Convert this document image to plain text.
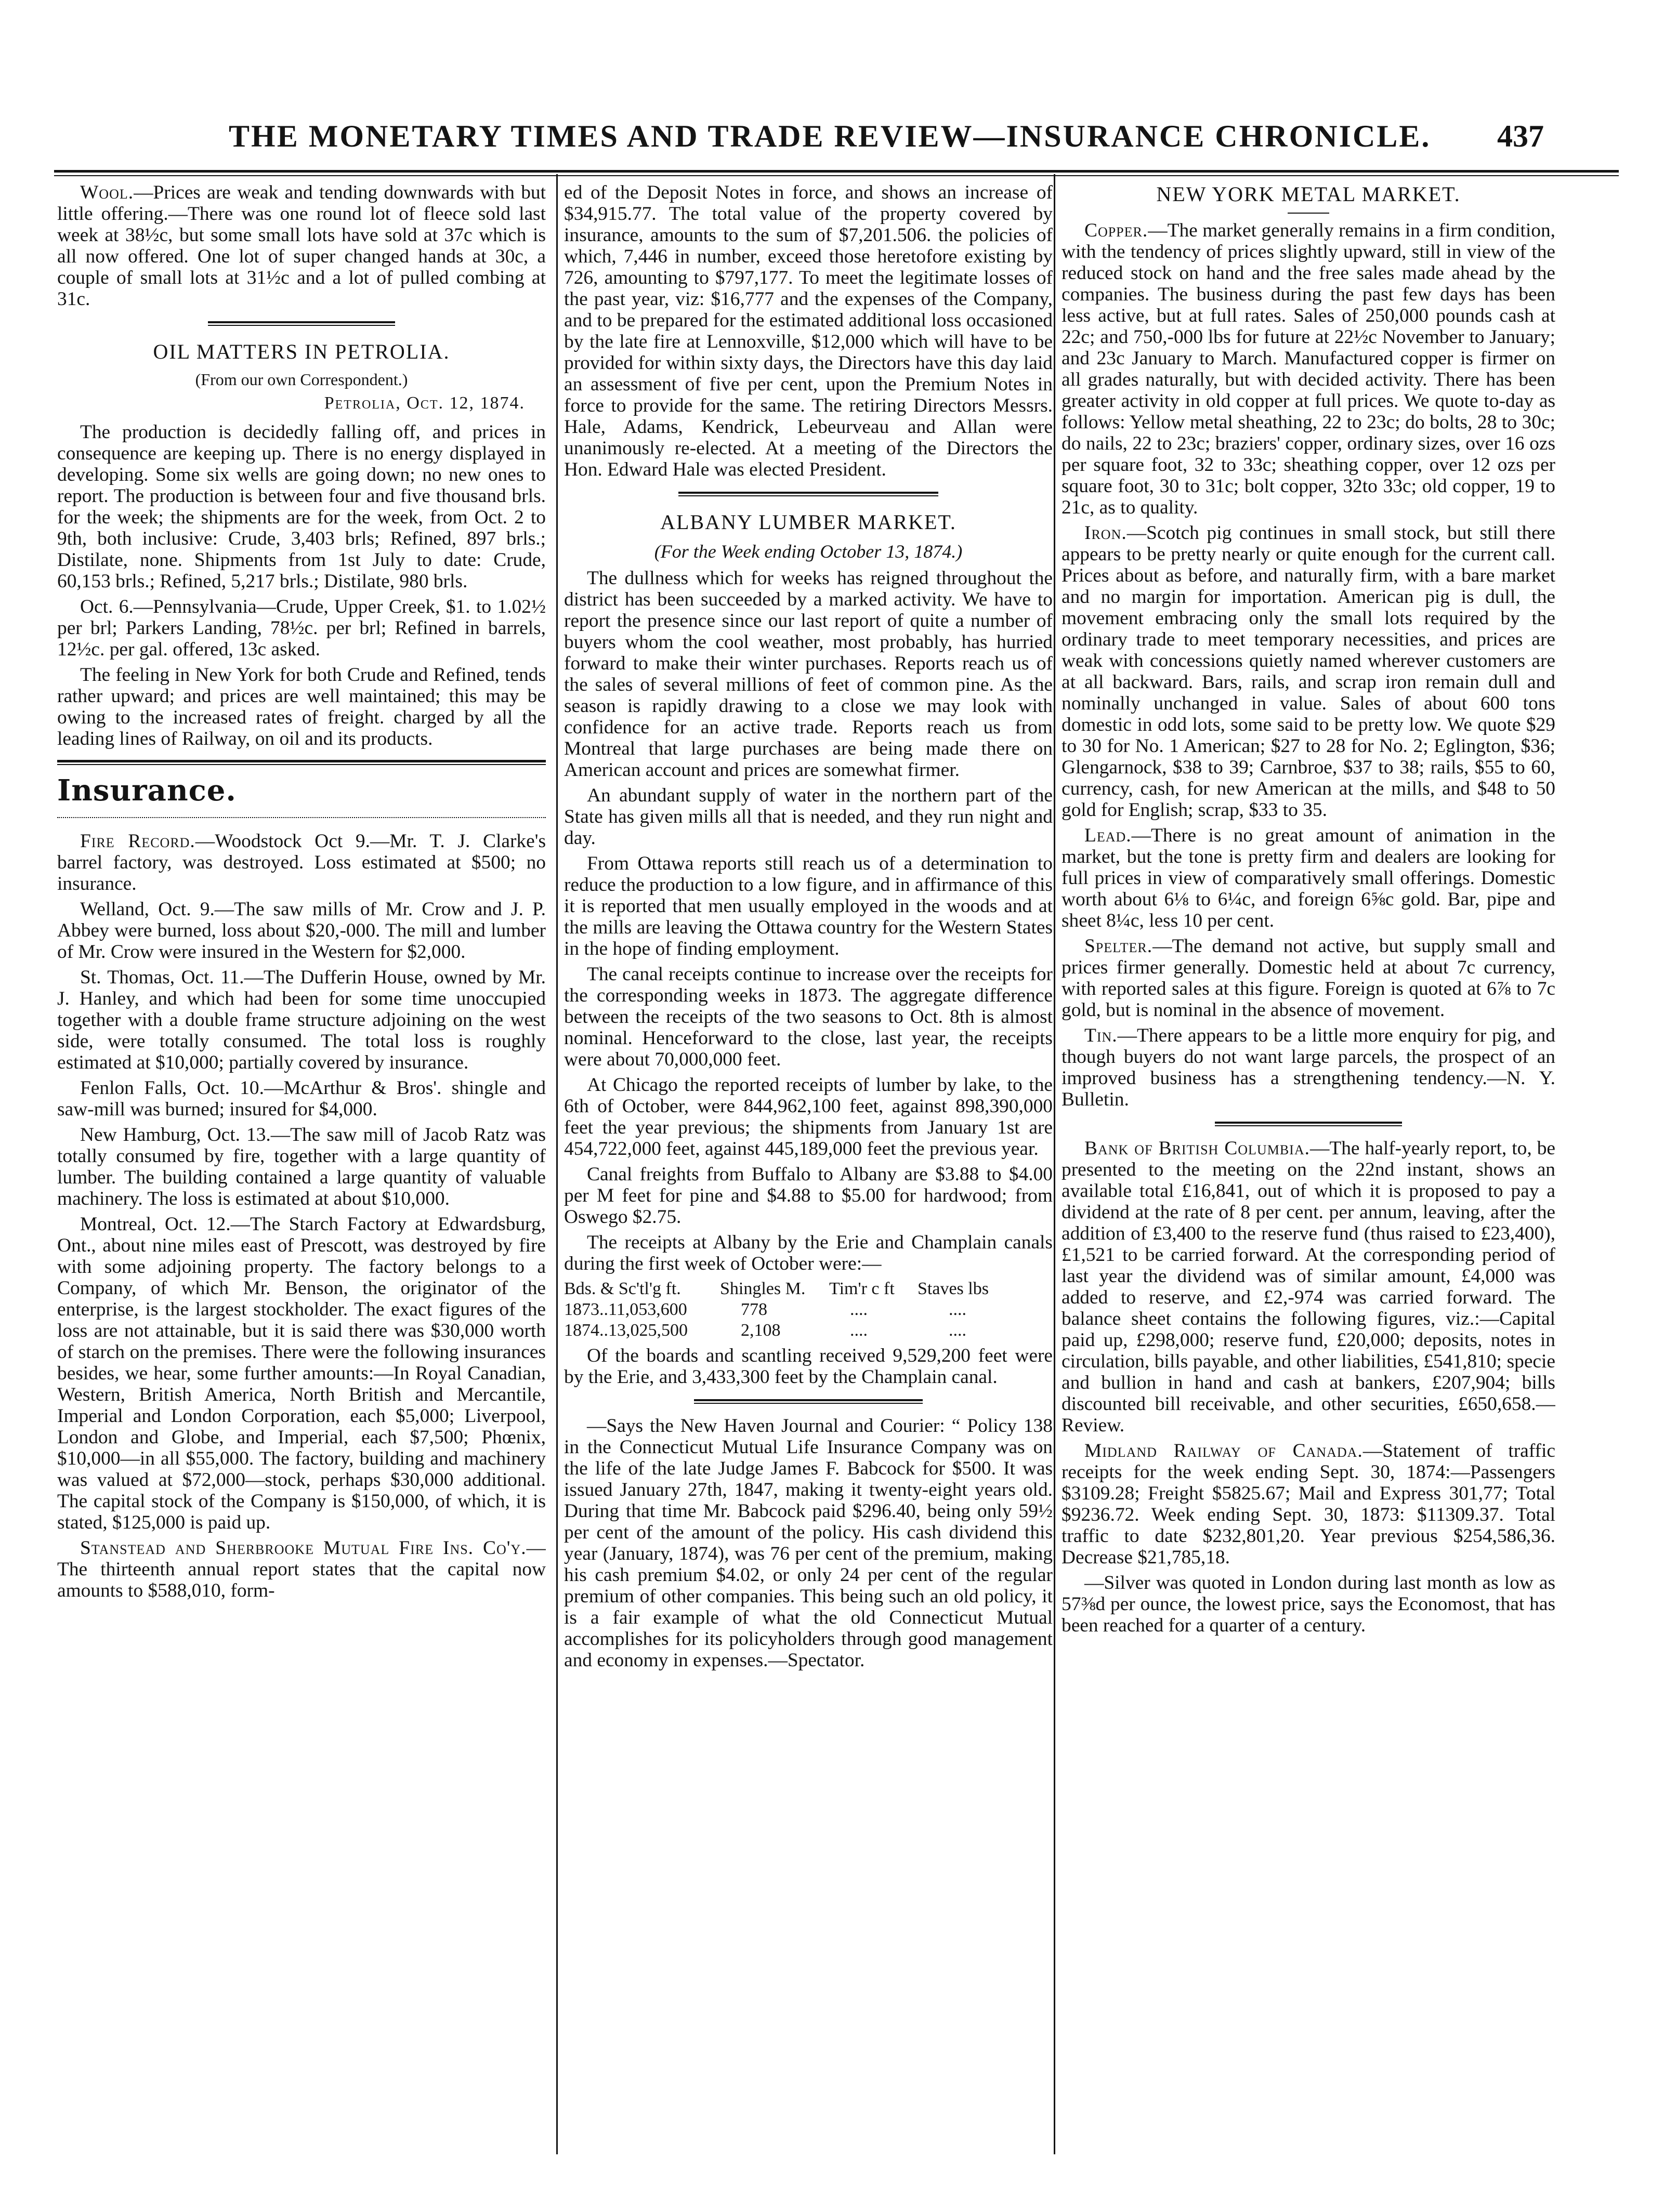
THE MONETARY TIMES AND TRADE REVIEW—INSURANCE CHRONICLE. 437

Wool.—Prices are weak and tending downwards with but little offering.—There was one round lot of fleece sold last week at 38½c, but some small lots have sold at 37c which is all now offered. One lot of super changed hands at 30c, a couple of small lots at 31½c and a lot of pulled combing at 31c.

OIL MATTERS IN PETROLIA.
(From our own Correspondent.)
Petrolia, Oct. 12, 1874.

The production is decidedly falling off, and prices in consequence are keeping up. There is no energy displayed in developing. Some six wells are going down; no new ones to report. The production is between four and five thousand brls. for the week; the shipments are for the week, from Oct. 2 to 9th, both inclusive: Crude, 3,403 brls; Refined, 897 brls.; Distilate, none. Shipments from 1st July to date: Crude, 60,153 brls.; Refined, 5,217 brls.; Distilate, 980 brls.

Oct. 6.—Pennsylvania—Crude, Upper Creek, $1. to 1.02½ per brl; Parkers Landing, 78½c. per brl; Refined in barrels, 12½c. per gal. offered, 13c asked.

The feeling in New York for both Crude and Refined, tends rather upward; and prices are well maintained; this may be owing to the increased rates of freight. charged by all the leading lines of Railway, on oil and its products.

Insurance.

Fire Record.—Woodstock Oct 9.—Mr. T. J. Clarke's barrel factory, was destroyed. Loss estimated at $500; no insurance.

Welland, Oct. 9.—The saw mills of Mr. Crow and J. P. Abbey were burned, loss about $20,-000. The mill and lumber of Mr. Crow were insured in the Western for $2,000.

St. Thomas, Oct. 11.—The Dufferin House, owned by Mr. J. Hanley, and which had been for some time unoccupied together with a double frame structure adjoining on the west side, were totally consumed. The total loss is roughly estimated at $10,000; partially covered by insurance.

Fenlon Falls, Oct. 10.—McArthur & Bros'. shingle and saw-mill was burned; insured for $4,000.

New Hamburg, Oct. 13.—The saw mill of Jacob Ratz was totally consumed by fire, together with a large quantity of lumber. The building contained a large quantity of valuable machinery. The loss is estimated at about $10,000.

Montreal, Oct. 12.—The Starch Factory at Edwardsburg, Ont., about nine miles east of Prescott, was destroyed by fire with some adjoining property. The factory belongs to a Company, of which Mr. Benson, the originator of the enterprise, is the largest stockholder. The exact figures of the loss are not attainable, but it is said there was $30,000 worth of starch on the premises. There were the following insurances besides, we hear, some further amounts:—In Royal Canadian, Western, British America, North British and Mercantile, Imperial and London Corporation, each $5,000; Liverpool, London and Globe, and Imperial, each $7,500; Phœnix, $10,000—in all $55,000. The factory, building and machinery was valued at $72,000—stock, perhaps $30,000 additional. The capital stock of the Company is $150,000, of which, it is stated, $125,000 is paid up.

Stanstead and Sherbrooke Mutual Fire Ins. Co'y.—The thirteenth annual report states that the capital now amounts to $588,010, form-

ed of the Deposit Notes in force, and shows an increase of $34,915.77. The total value of the property covered by insurance, amounts to the sum of $7,201.506. the policies of which, 7,446 in number, exceed those heretofore existing by 726, amounting to $797,177. To meet the legitimate losses of the past year, viz: $16,777 and the expenses of the Company, and to be prepared for the estimated additional loss occasioned by the late fire at Lennoxville, $12,000 which will have to be provided for within sixty days, the Directors have this day laid an assessment of five per cent, upon the Premium Notes in force to provide for the same. The retiring Directors Messrs. Hale, Adams, Kendrick, Lebeurveau and Allan were unanimously re-elected. At a meeting of the Directors the Hon. Edward Hale was elected President.

ALBANY LUMBER MARKET.
(For the Week ending October 13, 1874.)

The dullness which for weeks has reigned throughout the district has been succeeded by a marked activity. We have to report the presence since our last report of quite a number of buyers whom the cool weather, most probably, has hurried forward to make their winter purchases. Reports reach us of the sales of several millions of feet of common pine. As the season is rapidly drawing to a close we may look with confidence for an active trade. Reports reach us from Montreal that large purchases are being made there on American account and prices are somewhat firmer.

An abundant supply of water in the northern part of the State has given mills all that is needed, and they run night and day.

From Ottawa reports still reach us of a determination to reduce the production to a low figure, and in affirmance of this it is reported that men usually employed in the woods and at the mills are leaving the Ottawa country for the Western States in the hope of finding employment.

The canal receipts continue to increase over the receipts for the corresponding weeks in 1873. The aggregate difference between the receipts of the two seasons to Oct. 8th is almost nominal. Henceforward to the close, last year, the receipts were about 70,000,000 feet.

At Chicago the reported receipts of lumber by lake, to the 6th of October, were 844,962,100 feet, against 898,390,000 feet the year previous; the shipments from January 1st are 454,722,000 feet, against 445,189,000 feet the previous year.

Canal freights from Buffalo to Albany are $3.88 to $4.00 per M feet for pine and $4.88 to $5.00 for hardwood; from Oswego $2.75.

The receipts at Albany by the Erie and Champlain canals during the first week of October were:—

Bds. & Sc'tl'g ft.	Shingles M.	Tim'r c ft	Staves lbs
1873..11,053,600	778	....	....
1874..13,025,500	2,108	....	....

Of the boards and scantling received 9,529,200 feet were by the Erie, and 3,433,300 feet by the Champlain canal.

—Says the New Haven Journal and Courier: “ Policy 138 in the Connecticut Mutual Life Insurance Company was on the life of the late Judge James F. Babcock for $500. It was issued January 27th, 1847, making it twenty-eight years old. During that time Mr. Babcock paid $296.40, being only 59½ per cent of the amount of the policy. His cash dividend this year (January, 1874), was 76 per cent of the premium, making his cash premium $4.02, or only 24 per cent of the regular premium of other companies. This being such an old policy, it is a fair example of what the old Connecticut Mutual accomplishes for its policyholders through good management and economy in expenses.—Spectator.

NEW YORK METAL MARKET.

Copper.—The market generally remains in a firm condition, with the tendency of prices slightly upward, still in view of the reduced stock on hand and the free sales made ahead by the companies. The business during the past few days has been less active, but at full rates. Sales of 250,000 pounds cash at 22c; and 750,-000 lbs for future at 22½c November to January; and 23c January to March. Manufactured copper is firmer on all grades naturally, but with decided activity. There has been greater activity in old copper at full prices. We quote to-day as follows: Yellow metal sheathing, 22 to 23c; do bolts, 28 to 30c; do nails, 22 to 23c; braziers' copper, ordinary sizes, over 16 ozs per square foot, 32 to 33c; sheathing copper, over 12 ozs per square foot, 30 to 31c; bolt copper, 32to 33c; old copper, 19 to 21c, as to quality.

Iron.—Scotch pig continues in small stock, but still there appears to be pretty nearly or quite enough for the current call. Prices about as before, and naturally firm, with a bare market and no margin for importation. American pig is dull, the movement embracing only the small lots required by the ordinary trade to meet temporary necessities, and prices are weak with concessions quietly named wherever customers are at all backward. Bars, rails, and scrap iron remain dull and nominally unchanged in value. Sales of about 600 tons domestic in odd lots, some said to be pretty low. We quote $29 to 30 for No. 1 American; $27 to 28 for No. 2; Eglington, $36; Glengarnock, $38 to 39; Carnbroe, $37 to 38; rails, $55 to 60, currency, cash, for new American at the mills, and $48 to 50 gold for English; scrap, $33 to 35.

Lead.—There is no great amount of animation in the market, but the tone is pretty firm and dealers are looking for full prices in view of comparatively small offerings. Domestic worth about 6⅛ to 6¼c, and foreign 6⅝c gold. Bar, pipe and sheet 8¼c, less 10 per cent.

Spelter.—The demand not active, but supply small and prices firmer generally. Domestic held at about 7c currency, with reported sales at this figure. Foreign is quoted at 6⅞ to 7c gold, but is nominal in the absence of movement.

Tin.—There appears to be a little more enquiry for pig, and though buyers do not want large parcels, the prospect of an improved business has a strengthening tendency.—N. Y. Bulletin.

Bank of British Columbia.—The half-yearly report, to, be presented to the meeting on the 22nd instant, shows an available total £16,841, out of which it is proposed to pay a dividend at the rate of 8 per cent. per annum, leaving, after the addition of £3,400 to the reserve fund (thus raised to £23,400), £1,521 to be carried forward. At the corresponding period of last year the dividend was of similar amount, £4,000 was added to reserve, and £2,-974 was carried forward. The balance sheet contains the following figures, viz.:—Capital paid up, £298,000; reserve fund, £20,000; deposits, notes in circulation, bills payable, and other liabilities, £541,810; specie and bullion in hand and cash at bankers, £207,904; bills discounted bill receivable, and other securities, £650,658.—Review.

Midland Railway of Canada.—Statement of traffic receipts for the week ending Sept. 30, 1874:—Passengers $3109.28; Freight $5825.67; Mail and Express 301,77; Total $9236.72. Week ending Sept. 30, 1873: $11309.37. Total traffic to date $232,801,20. Year previous $254,586,36. Decrease $21,785,18.

—Silver was quoted in London during last month as low as 57⅜d per ounce, the lowest price, says the Economost, that has been reached for a quarter of a century.
